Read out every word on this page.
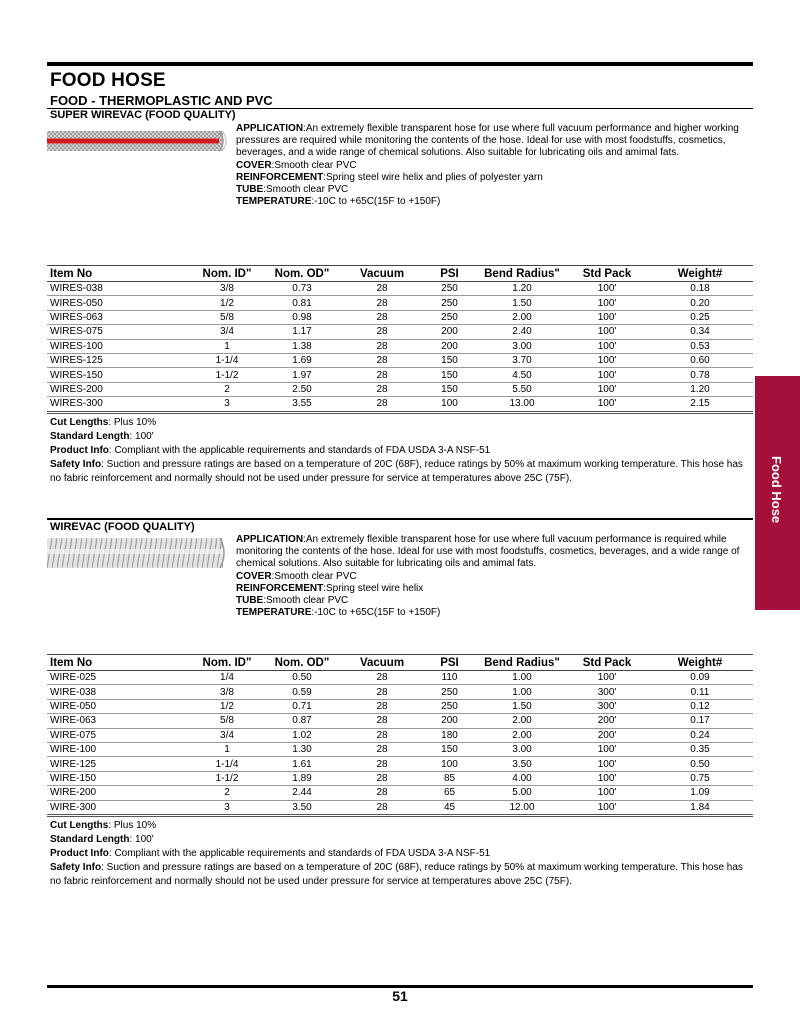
FOOD HOSE
FOOD - THERMOPLASTIC AND PVC
SUPER WIREVAC (FOOD QUALITY)

APPLICATION:An extremely flexible transparent hose for use where full vacuum performance and higher working pressures are required while monitoring the contents of the hose. Ideal for use with most foodstuffs, cosmetics, beverages, and a wide range of chemical solutions. Also suitable for lubricating oils and amimal fats.

COVER:Smooth clear PVC

REINFORCEMENT:Spring steel wire helix and plies of polyester yarn

TUBE:Smooth clear PVC

TEMPERATURE:-10C to +65C(15F to +150F)

Item No	Nom. ID"	Nom. OD"	Vacuum	PSI	Bend Radius"	Std Pack	Weight#
WIRES-038	3/8	0.73	28	250	1.20	100'	0.18
WIRES-050	1/2	0.81	28	250	1.50	100'	0.20
WIRES-063	5/8	0.98	28	250	2.00	100'	0.25
WIRES-075	3/4	1.17	28	200	2.40	100'	0.34
WIRES-100	1	1.38	28	200	3.00	100'	0.53
WIRES-125	1-1/4	1.69	28	150	3.70	100'	0.60
WIRES-150	1-1/2	1.97	28	150	4.50	100'	0.78
WIRES-200	2	2.50	28	150	5.50	100'	1.20
WIRES-300	3	3.55	28	100	13.00	100'	2.15

Cut Lengths: Plus 10%

Standard Length: 100'

Product Info: Compliant with the applicable requirements and standards of FDA USDA 3-A NSF-51

Safety Info: Suction and pressure ratings are based on a temperature of 20C (68F), reduce ratings by 50% at maximum working temperature. This hose has no fabric reinforcement and normally should not be used under pressure for service at temperatures above 25C (75F).

WIREVAC (FOOD QUALITY)

APPLICATION:An extremely flexible transparent hose for use where full vacuum performance is required while monitoring the contents of the hose. Ideal for use with most foodstuffs, cosmetics, beverages, and a wide range of chemical solutions. Also suitable for lubricating oils and amimal fats.

COVER:Smooth clear PVC

REINFORCEMENT:Spring steel wire helix

TUBE:Smooth clear PVC

TEMPERATURE:-10C to +65C(15F to +150F)

Item No	Nom. ID"	Nom. OD"	Vacuum	PSI	Bend Radius"	Std Pack	Weight#
WIRE-025	1/4	0.50	28	110	1.00	100'	0.09
WIRE-038	3/8	0.59	28	250	1.00	300'	0.11
WIRE-050	1/2	0.71	28	250	1.50	300'	0.12
WIRE-063	5/8	0.87	28	200	2.00	200'	0.17
WIRE-075	3/4	1.02	28	180	2.00	200'	0.24
WIRE-100	1	1.30	28	150	3.00	100'	0.35
WIRE-125	1-1/4	1.61	28	100	3.50	100'	0.50
WIRE-150	1-1/2	1.89	28	85	4.00	100'	0.75
WIRE-200	2	2.44	28	65	5.00	100'	1.09
WIRE-300	3	3.50	28	45	12.00	100'	1.84

Cut Lengths: Plus 10%

Standard Length: 100'

Product Info: Compliant with the applicable requirements and standards of FDA USDA 3-A NSF-51

Safety Info: Suction and pressure ratings are based on a temperature of 20C (68F), reduce ratings by 50% at maximum working temperature. This hose has no fabric reinforcement and normally should not be used under pressure for service at temperatures above 25C (75F).

Food Hose
51
